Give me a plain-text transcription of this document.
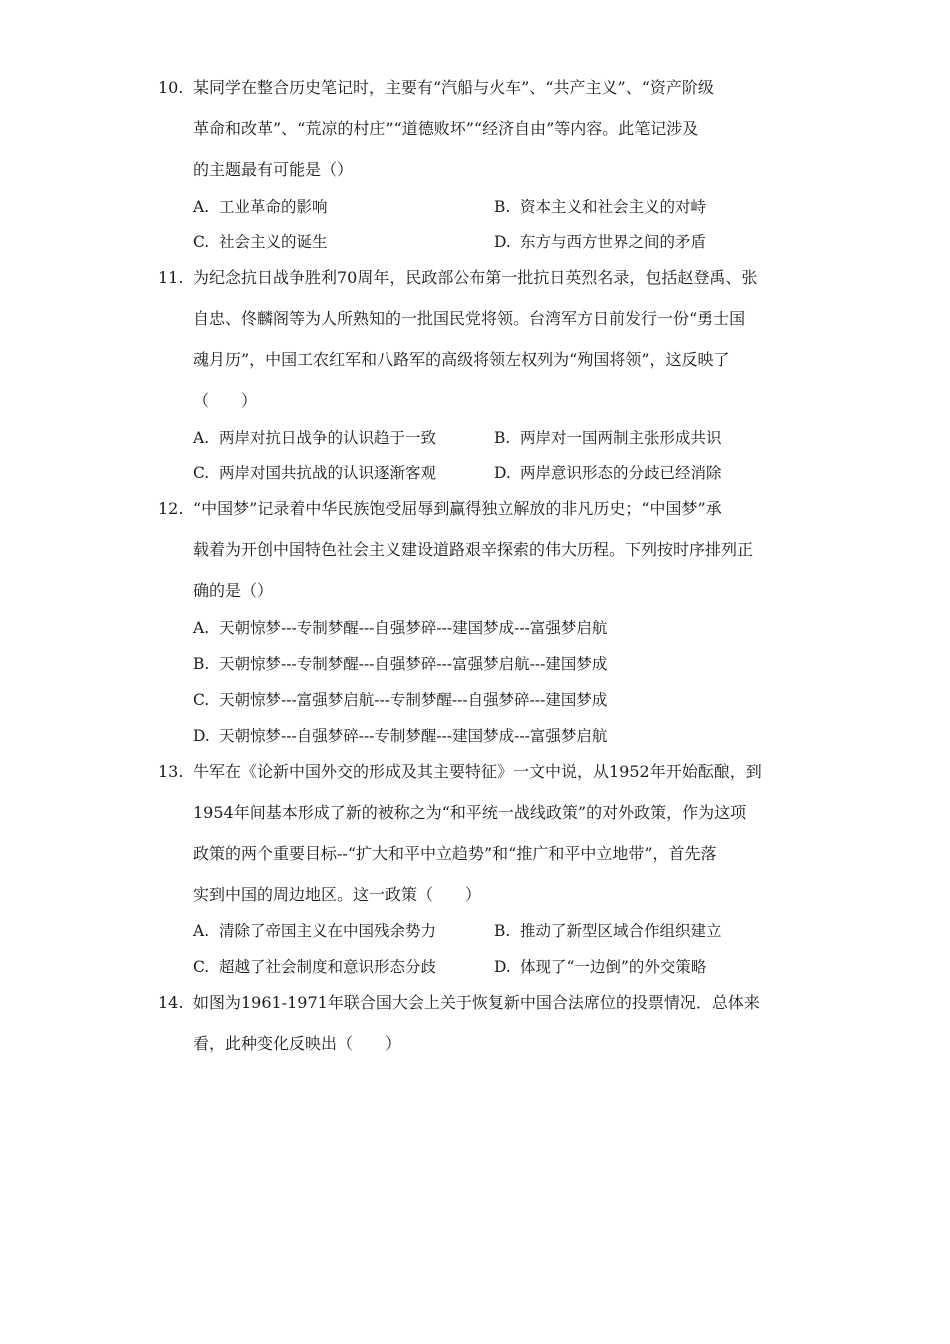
10. 某同学在整合历史笔记时，主要有“汽船与火车”、“共产主义”、“资产阶级
革命和改革”、“荒凉的村庄”“道德败坏”“经济自由”等内容。此笔记涉及
的主题最有可能是（）
A. 工业革命的影响	B. 资本主义和社会主义的对峙
C. 社会主义的诞生	D. 东方与西方世界之间的矛盾
11. 为纪念抗日战争胜利70周年，民政部公布第一批抗日英烈名录，包括赵登禹、张
自忠、佟麟阁等为人所熟知的一批国民党将领。台湾军方日前发行一份“勇士国
魂月历”，中国工农红军和八路军的高级将领左权列为“殉国将领”，这反映了
（　　）
A. 两岸对抗日战争的认识趋于一致	B. 两岸对一国两制主张形成共识
C. 两岸对国共抗战的认识逐渐客观	D. 两岸意识形态的分歧已经消除
12. “中国梦”记录着中华民族饱受屈辱到赢得独立解放的非凡历史；“中国梦”承
载着为开创中国特色社会主义建设道路艰辛探索的伟大历程。下列按时序排列正
确的是（）
A. 天朝惊梦---专制梦醒---自强梦碎---建国梦成---富强梦启航
B. 天朝惊梦---专制梦醒---自强梦碎---富强梦启航---建国梦成
C. 天朝惊梦---富强梦启航---专制梦醒---自强梦碎---建国梦成
D. 天朝惊梦---自强梦碎---专制梦醒---建国梦成---富强梦启航
13. 牛军在《论新中国外交的形成及其主要特征》一文中说，从1952年开始酝酿，到
1954年间基本形成了新的被称之为“和平统一战线政策”的对外政策，作为这项
政策的两个重要目标--“扩大和平中立趋势”和“推广和平中立地带”，首先落
实到中国的周边地区。这一政策（　　）
A. 清除了帝国主义在中国残余势力	B. 推动了新型区域合作组织建立
C. 超越了社会制度和意识形态分歧	D. 体现了“一边倒”的外交策略
14. 如图为1961-1971年联合国大会上关于恢复新中国合法席位的投票情况．总体来
看，此种变化反映出（　　）
